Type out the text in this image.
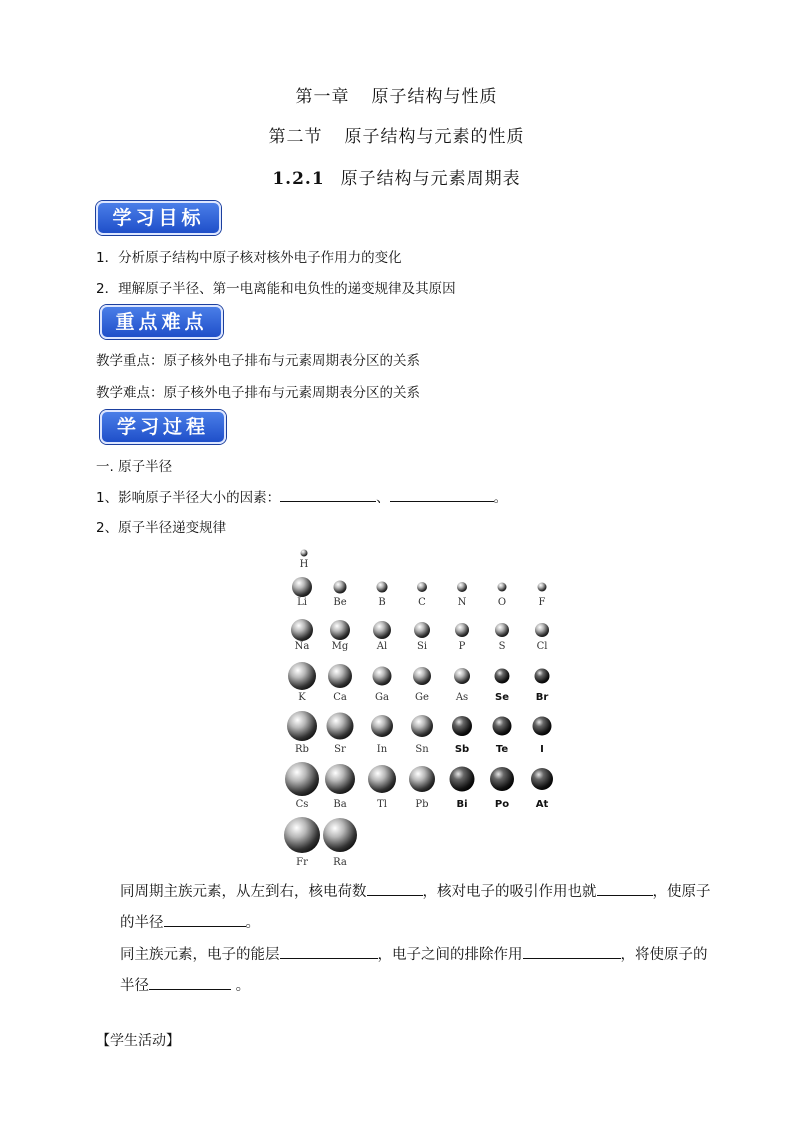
第一章 原子结构与性质
第二节 原子结构与元素的性质
1.2.1 原子结构与元素周期表
学习目标
1．分析原子结构中原子核对核外电子作用力的变化
2．理解原子半径、第一电离能和电负性的递变规律及其原因
重点难点
教学重点：原子核外电子排布与元素周期表分区的关系
教学难点：原子核外电子排布与元素周期表分区的关系
学习过程
一. 原子半径
1、影响原子半径大小的因素：	、	。
2、原子半径递变规律
H
Li	Be	B	C	N	O	F
Na Mg	Al	Si	P	S	Cl
K	Ca	Ga	Ge	As	Se	Br
Rb	Sr	In	Sn	Sb	Te	I
Cs Ba	Tl	Pb	Bi	Po	At
Fr	Ra
同周期主族元素，从左到右，核电荷数	，核对电子的吸引作用也就	，使原子
的半径	。
同主族元素，电子的能层	，电子之间的排除作用	，将使原子的
半径	。
【学生活动】
